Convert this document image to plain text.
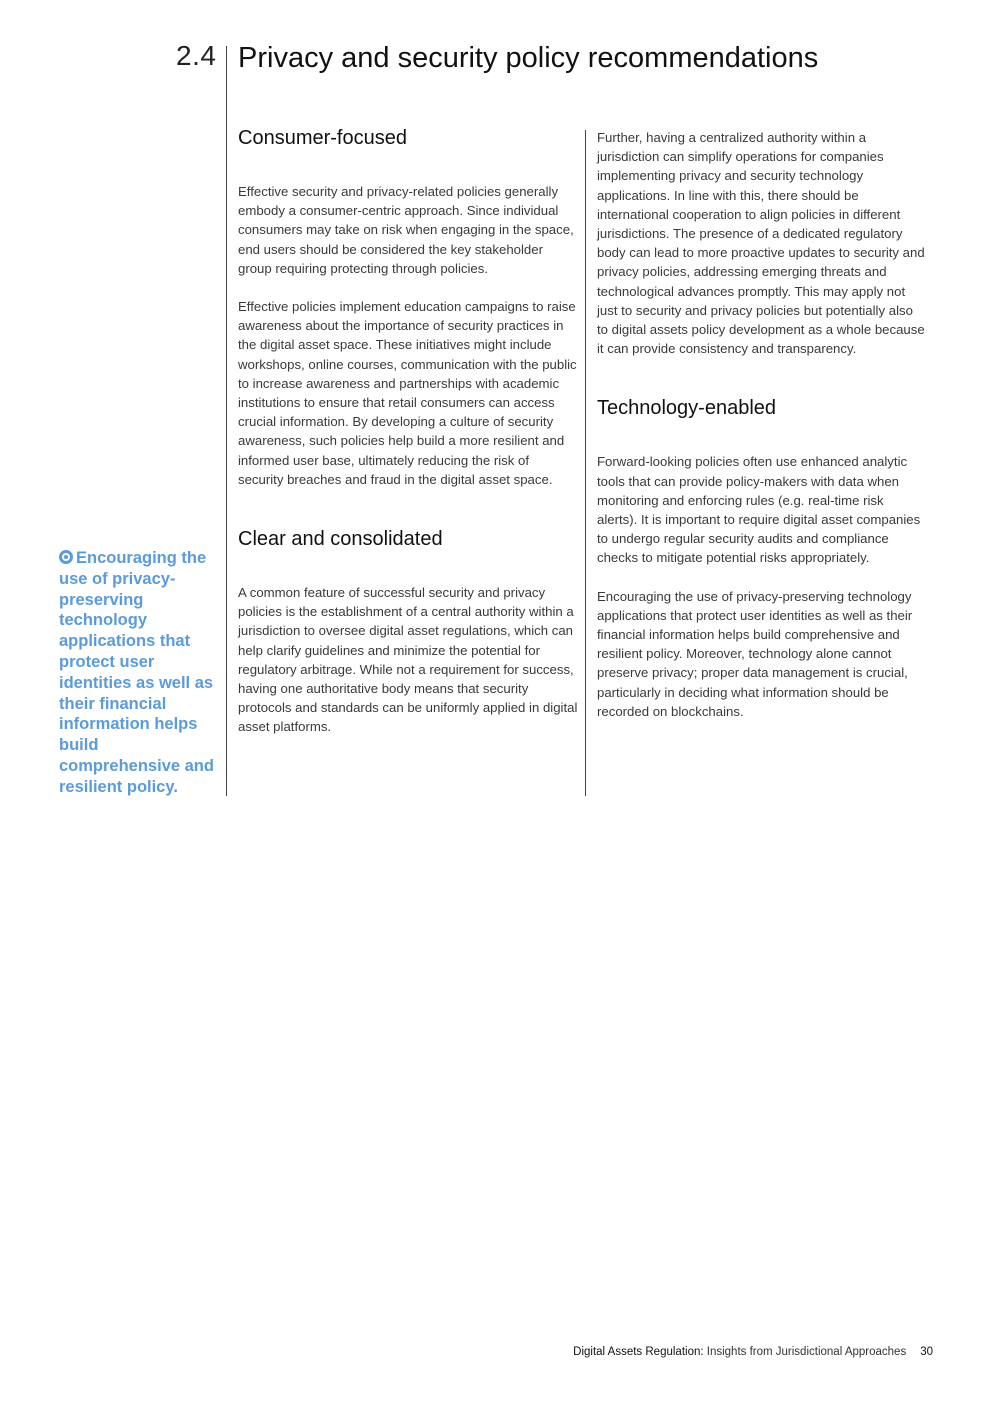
2.4 Privacy and security policy recommendations
Consumer-focused

Effective security and privacy-related policies generally embody a consumer-centric approach. Since individual consumers may take on risk when engaging in the space, end users should be considered the key stakeholder group requiring protecting through policies.

Effective policies implement education campaigns to raise awareness about the importance of security practices in the digital asset space. These initiatives might include workshops, online courses, communication with the public to increase awareness and partnerships with academic institutions to ensure that retail consumers can access crucial information. By developing a culture of security awareness, such policies help build a more resilient and informed user base, ultimately reducing the risk of security breaches and fraud in the digital asset space.

Clear and consolidated

A common feature of successful security and privacy policies is the establishment of a central authority within a jurisdiction to oversee digital asset regulations, which can help clarify guidelines and minimize the potential for regulatory arbitrage. While not a requirement for success, having one authoritative body means that security protocols and standards can be uniformly applied in digital asset platforms.

Further, having a centralized authority within a jurisdiction can simplify operations for companies implementing privacy and security technology applications. In line with this, there should be international cooperation to align policies in different jurisdictions. The presence of a dedicated regulatory body can lead to more proactive updates to security and privacy policies, addressing emerging threats and technological advances promptly. This may apply not just to security and privacy policies but potentially also to digital assets policy development as a whole because it can provide consistency and transparency.

Technology-enabled

Forward-looking policies often use enhanced analytic tools that can provide policy-makers with data when monitoring and enforcing rules (e.g. real-time risk alerts). It is important to require digital asset companies to undergo regular security audits and compliance checks to mitigate potential risks appropriately.

Encouraging the use of privacy-preserving technology applications that protect user identities as well as their financial information helps build comprehensive and resilient policy. Moreover, technology alone cannot preserve privacy; proper data management is crucial, particularly in deciding what information should be recorded on blockchains.

Encouraging the use of privacy-preserving technology applications that protect user identities as well as their financial information helps build comprehensive and resilient policy.
Digital Assets Regulation: Insights from Jurisdictional Approaches 30
